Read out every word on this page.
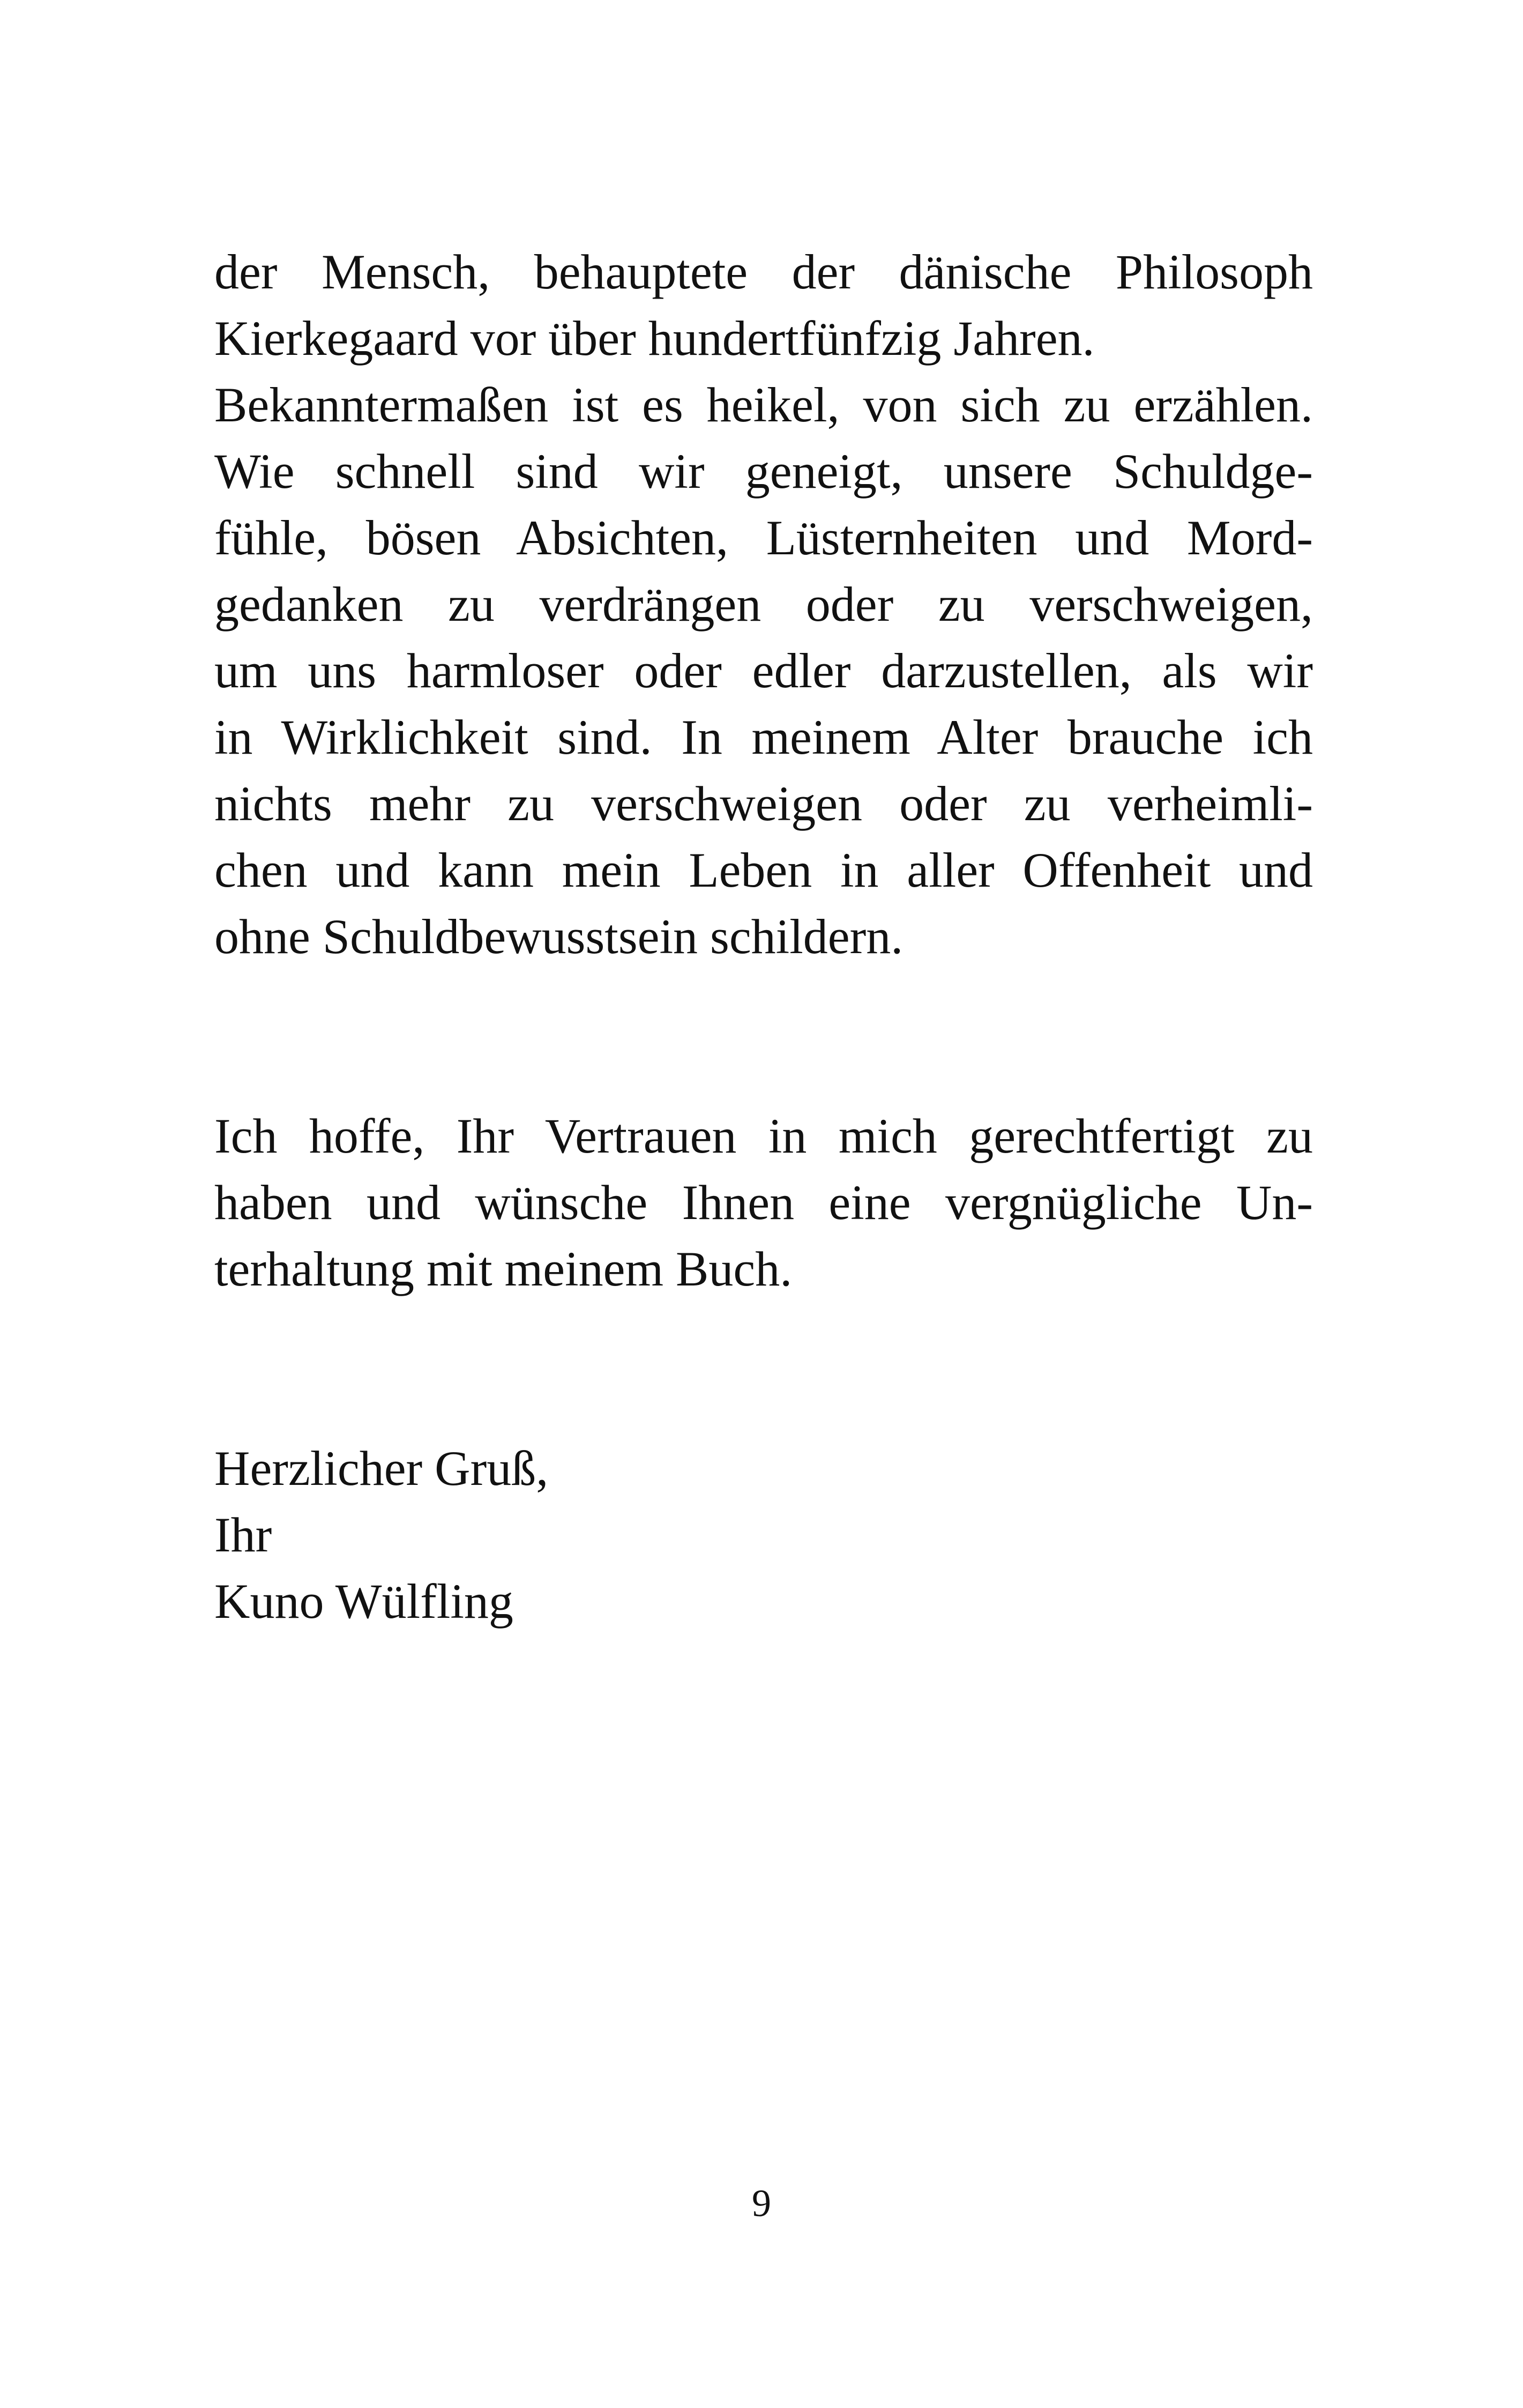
der Mensch, behauptete der dänische Philosoph
Kierkegaard vor über hundertfünfzig Jahren.
Bekanntermaßen ist es heikel, von sich zu erzählen.
Wie schnell sind wir geneigt, unsere Schuldge-
fühle, bösen Absichten, Lüsternheiten und Mord-
gedanken zu verdrängen oder zu verschweigen,
um uns harmloser oder edler darzustellen, als wir
in Wirklichkeit sind. In meinem Alter brauche ich
nichts mehr zu verschweigen oder zu verheimli-
chen und kann mein Leben in aller Offenheit und
ohne Schuldbewusstsein schildern.
Ich hoffe, Ihr Vertrauen in mich gerechtfertigt zu
haben und wünsche Ihnen eine vergnügliche Un-
terhaltung mit meinem Buch.
Herzlicher Gruß,
Ihr
Kuno Wülfling
9
